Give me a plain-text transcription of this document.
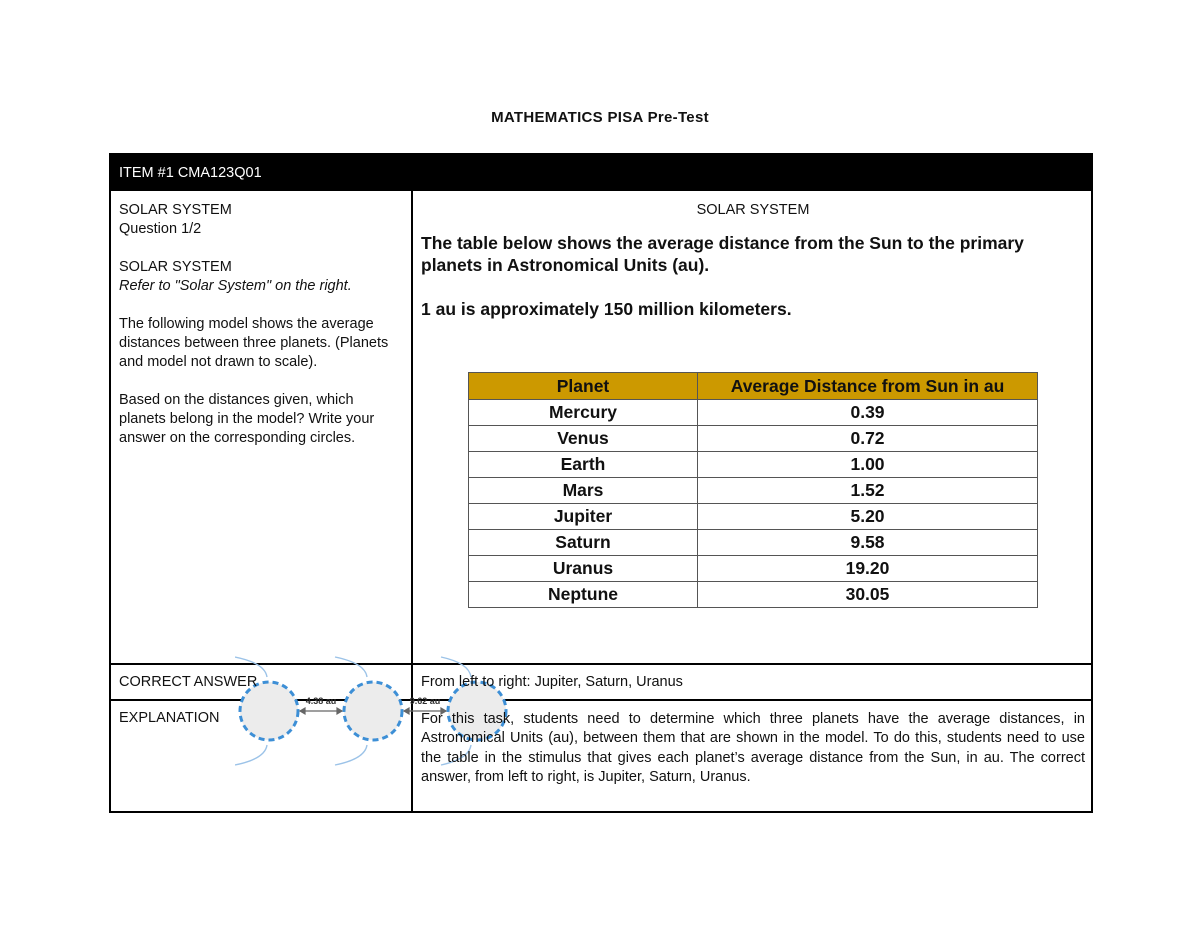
MATHEMATICS PISA Pre-Test
ITEM #1 CMA123Q01

SOLAR SYSTEM
Question 1/2

SOLAR SYSTEM
Refer to "Solar System" on the right.

The following model shows the average distances between three planets. (Planets and model not drawn to scale).

Based on the distances given, which planets belong in the model? Write your answer on the corresponding circles.

4.38 au	9.62 au
SOLAR SYSTEM

The table below shows the average distance from the Sun to the primary planets in Astronomical Units (au).

1 au is approximately 150 million kilometers.

Planet	Average Distance from Sun in au
Mercury	0.39
Venus	0.72
Earth	1.00
Mars	1.52
Jupiter	5.20
Saturn	9.58
Uranus	19.20
Neptune	30.05
CORRECT ANSWER	From left to right: Jupiter, Saturn, Uranus
EXPLANATION	For this task, students need to determine which three planets have the average distances, in Astronomical Units (au), between them that are shown in the model. To do this, students need to use the table in the stimulus that gives each planet’s average distance from the Sun, in au. The correct answer, from left to right, is Jupiter, Saturn, Uranus.
